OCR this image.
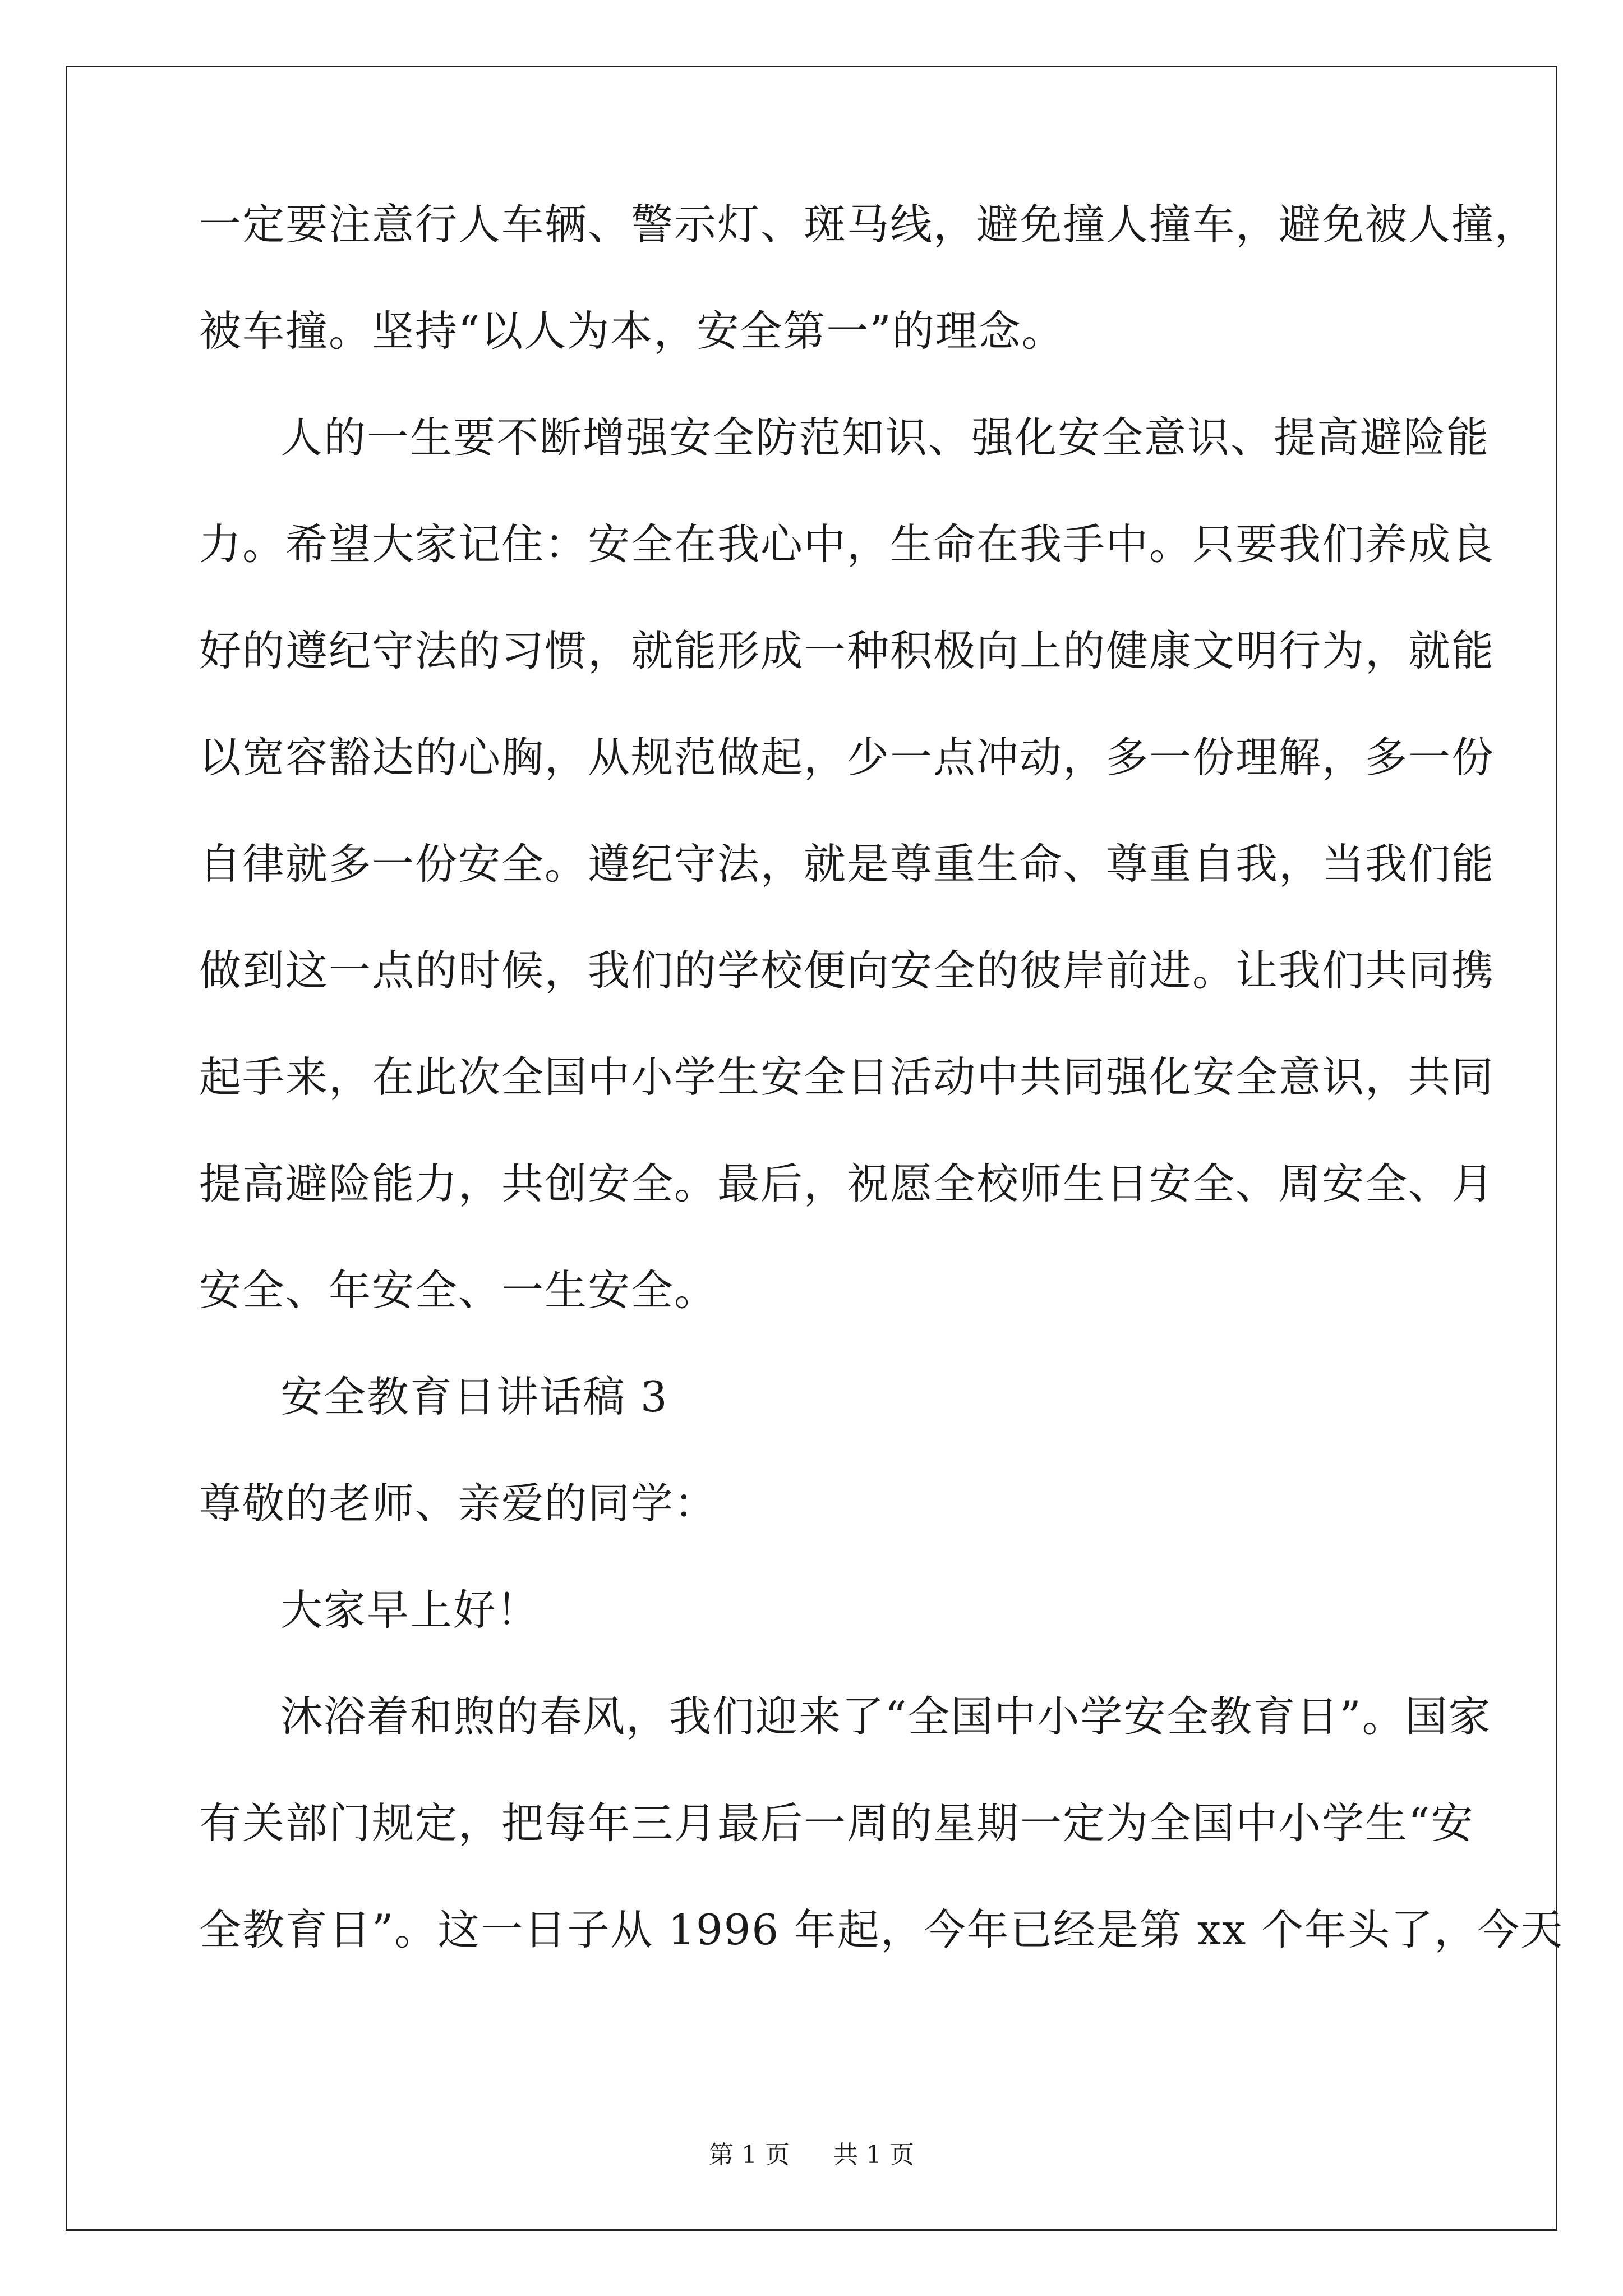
一定要注意行人车辆、警示灯、斑马线，避免撞人撞车，避免被人撞，
被车撞。坚持“以人为本，安全第一”的理念。
人的一生要不断增强安全防范知识、强化安全意识、提高避险能
力。希望大家记住：安全在我心中，生命在我手中。只要我们养成良
好的遵纪守法的习惯，就能形成一种积极向上的健康文明行为，就能
以宽容豁达的心胸，从规范做起，少一点冲动，多一份理解，多一份
自律就多一份安全。遵纪守法，就是尊重生命、尊重自我，当我们能
做到这一点的时候，我们的学校便向安全的彼岸前进。让我们共同携
起手来，在此次全国中小学生安全日活动中共同强化安全意识，共同
提高避险能力，共创安全。最后，祝愿全校师生日安全、周安全、月
安全、年安全、一生安全。
安全教育日讲话稿 3
尊敬的老师、亲爱的同学：
大家早上好！
沐浴着和煦的春风，我们迎来了“全国中小学安全教育日”。国家
有关部门规定，把每年三月最后一周的星期一定为全国中小学生“安
全教育日”。这一日子从 1996 年起，今年已经是第 xx 个年头了，今天
第 1 页 共 1 页
